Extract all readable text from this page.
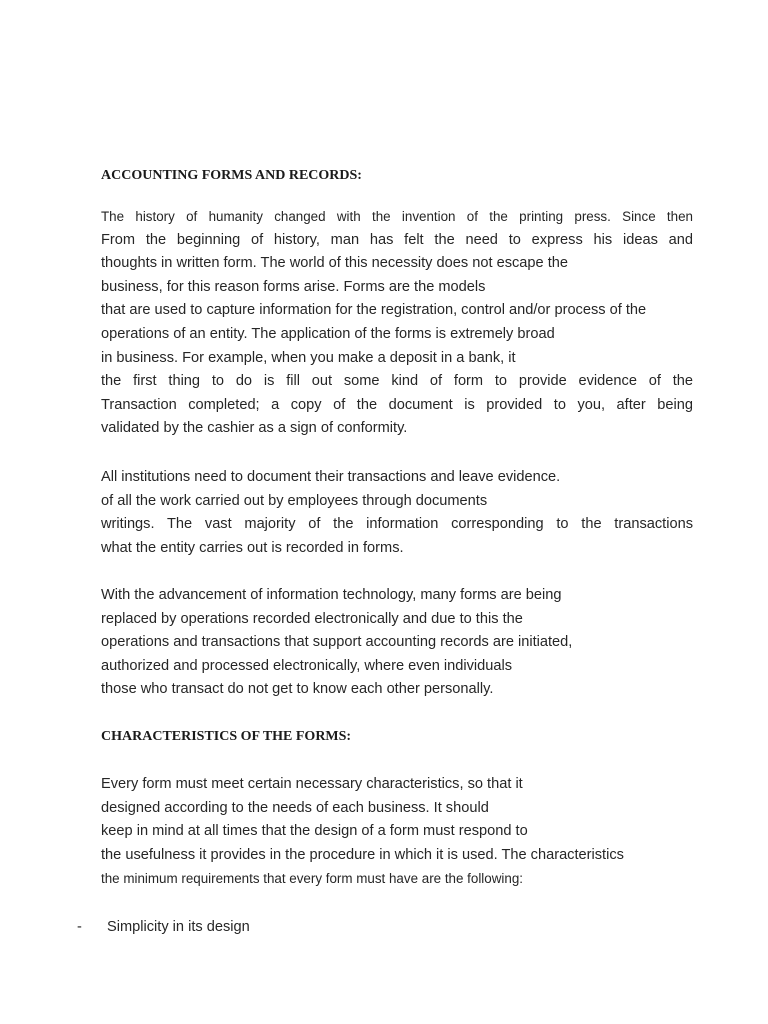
ACCOUNTING FORMS AND RECORDS:
The history of humanity changed with the invention of the printing press. Since then
From the beginning of history, man has felt the need to express his ideas and
thoughts in written form. The world of this necessity does not escape the
business, for this reason forms arise. Forms are the models
that are used to capture information for the registration, control and/or process of the
operations of an entity. The application of the forms is extremely broad
in business. For example, when you make a deposit in a bank, it
the first thing to do is fill out some kind of form to provide evidence of the
Transaction completed; a copy of the document is provided to you, after being
validated by the cashier as a sign of conformity.
All institutions need to document their transactions and leave evidence.
of all the work carried out by employees through documents
writings. The vast majority of the information corresponding to the transactions
what the entity carries out is recorded in forms.
With the advancement of information technology, many forms are being
replaced by operations recorded electronically and due to this the
operations and transactions that support accounting records are initiated,
authorized and processed electronically, where even individuals
those who transact do not get to know each other personally.
CHARACTERISTICS OF THE FORMS:
Every form must meet certain necessary characteristics, so that it
designed according to the needs of each business. It should
keep in mind at all times that the design of a form must respond to
the usefulness it provides in the procedure in which it is used. The characteristics
the minimum requirements that every form must have are the following:
- Simplicity in its design
